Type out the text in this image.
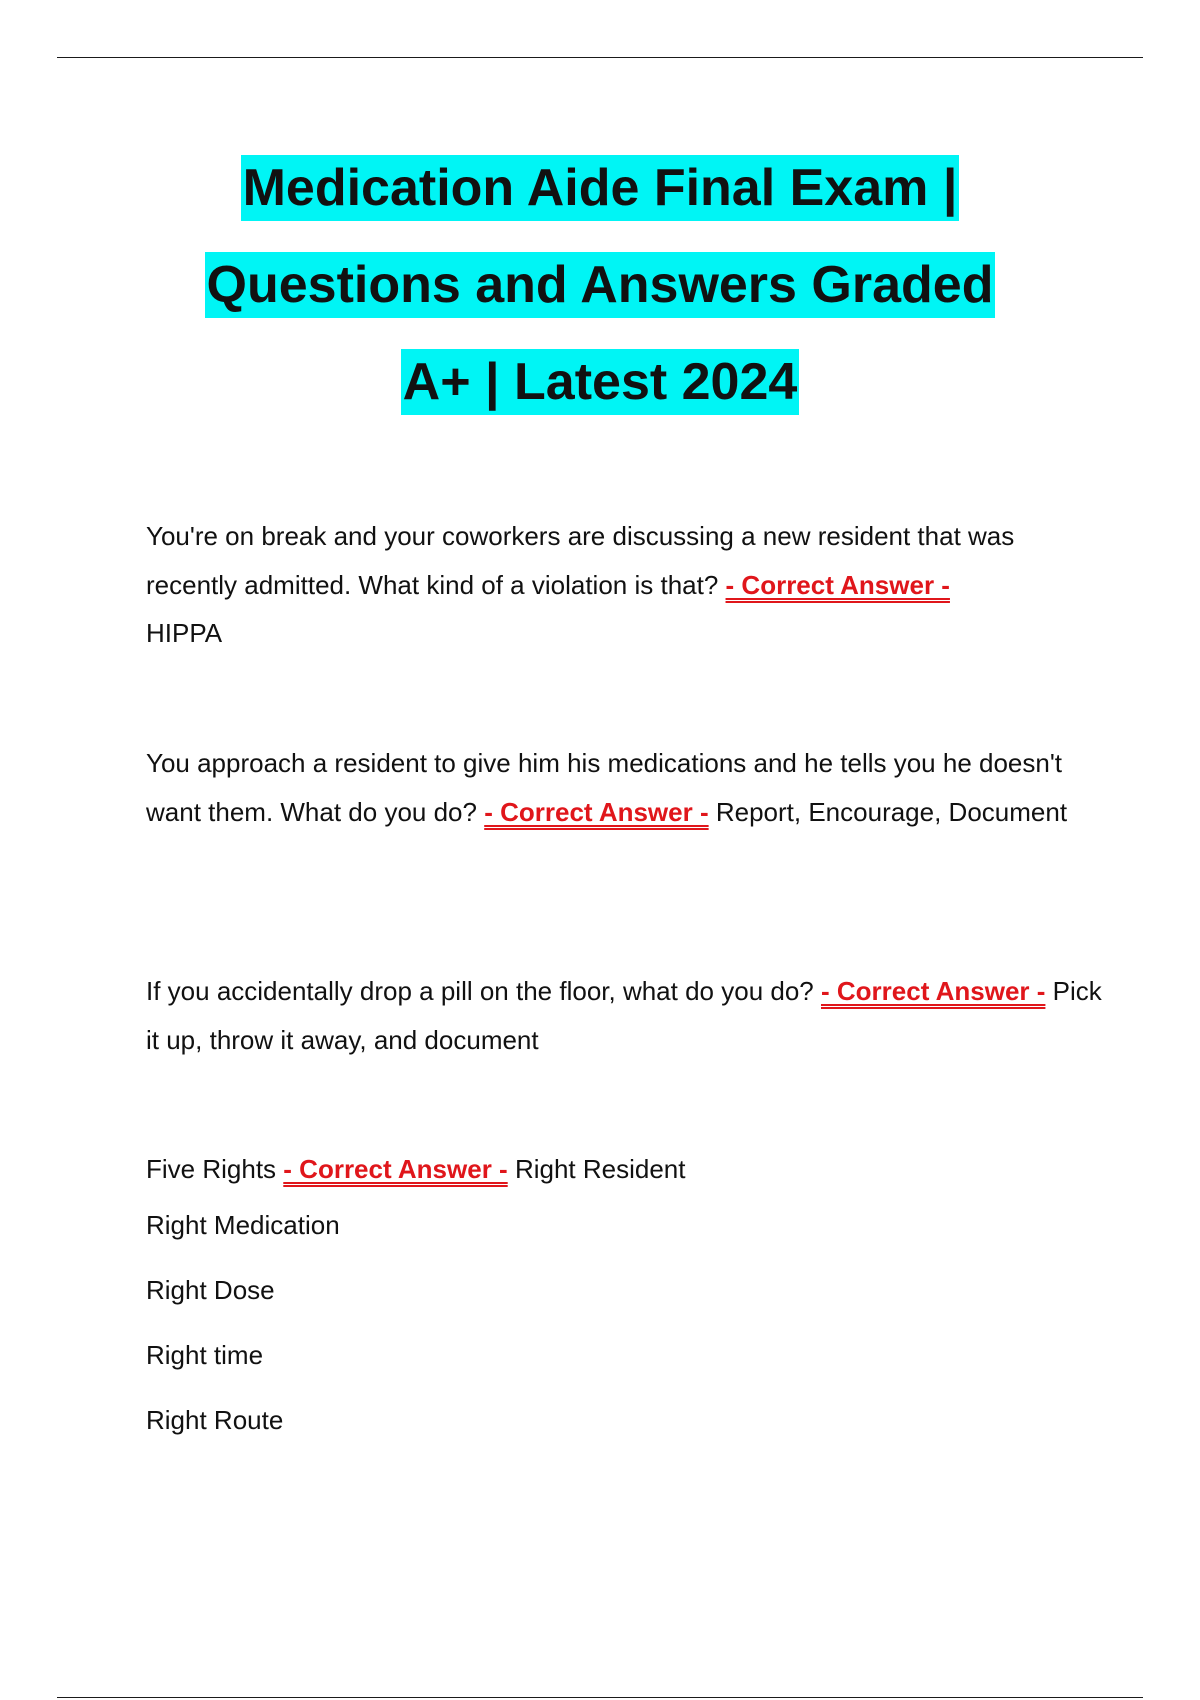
Medication Aide Final Exam |
Questions and Answers Graded
A+ | Latest 2024
You're on break and your coworkers are discussing a new resident that was recently admitted. What kind of a violation is that? - Correct Answer -
HIPPA
You approach a resident to give him his medications and he tells you he doesn't want them. What do you do? - Correct Answer - Report, Encourage, Document
If you accidentally drop a pill on the floor, what do you do? - Correct Answer - Pick it up, throw it away, and document
Five Rights - Correct Answer - Right Resident
Right Medication
Right Dose
Right time
Right Route
